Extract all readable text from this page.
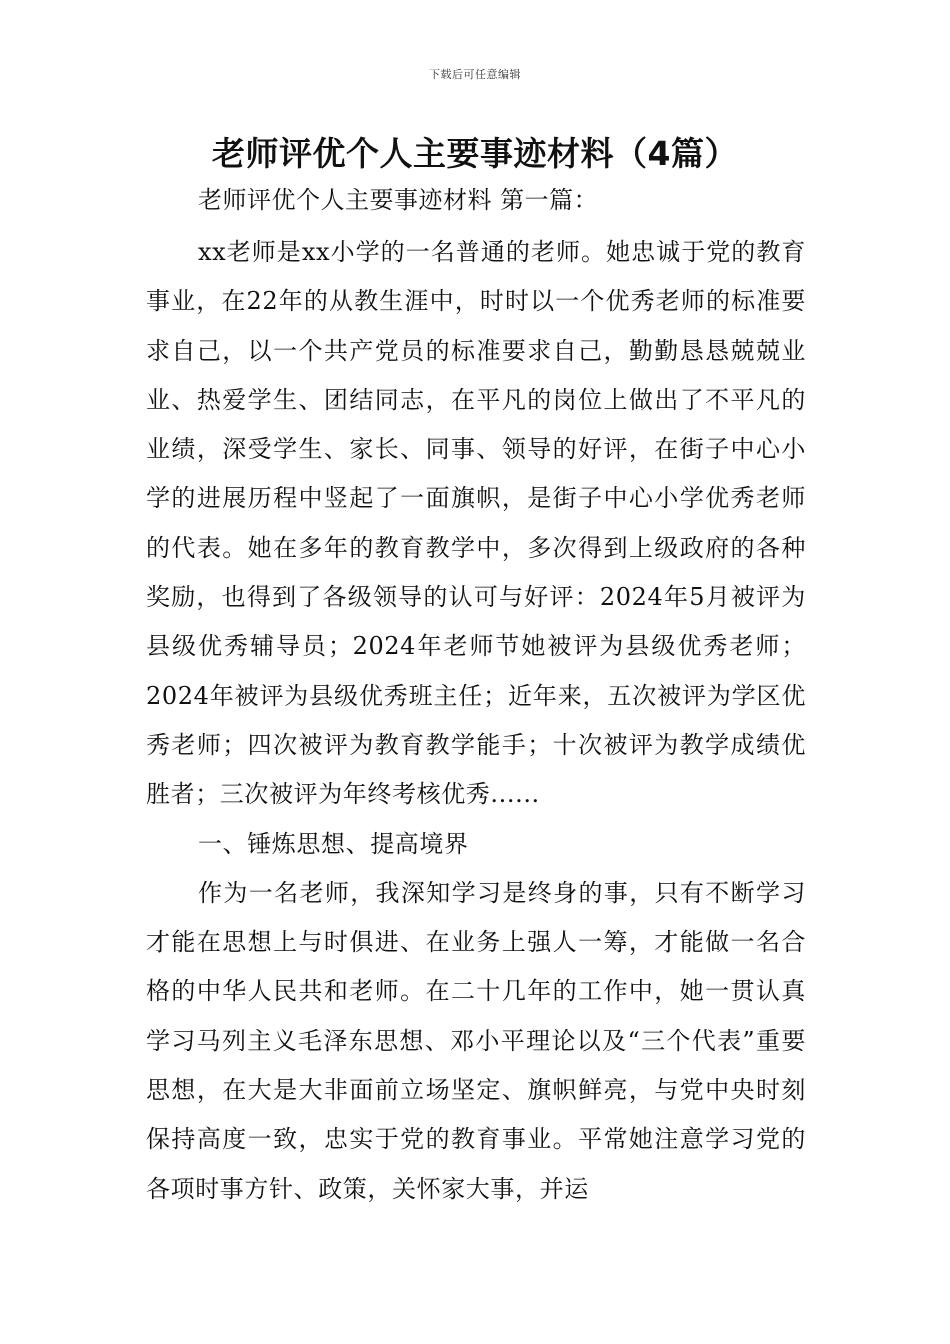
下载后可任意编辑
老师评优个人主要事迹材料（4篇）
老师评优个人主要事迹材料 第一篇：

xx老师是xx小学的一名普通的老师。她忠诚于党的教育事业，在22年的从教生涯中，时时以一个优秀老师的标准要求自己，以一个共产党员的标准要求自己，勤勤恳恳兢兢业业、热爱学生、团结同志，在平凡的岗位上做出了不平凡的业绩，深受学生、家长、同事、领导的好评，在街子中心小学的进展历程中竖起了一面旗帜，是街子中心小学优秀老师的代表。她在多年的教育教学中，多次得到上级政府的各种奖励，也得到了各级领导的认可与好评：2024年5月被评为县级优秀辅导员；2024年老师节她被评为县级优秀老师； 2024年被评为县级优秀班主任；近年来，五次被评为学区优秀老师；四次被评为教育教学能手；十次被评为教学成绩优胜者；三次被评为年终考核优秀......

一、锤炼思想、提高境界

作为一名老师，我深知学习是终身的事，只有不断学习才能在思想上与时俱进、在业务上强人一筹，才能做一名合格的中华人民共和老师。在二十几年的工作中，她一贯认真学习马列主义毛泽东思想、邓小平理论以及“三个代表”重要思想，在大是大非面前立场坚定、旗帜鲜亮，与党中央时刻保持高度一致，忠实于党的教育事业。平常她注意学习党的各项时事方针、政策，关怀家大事，并运
